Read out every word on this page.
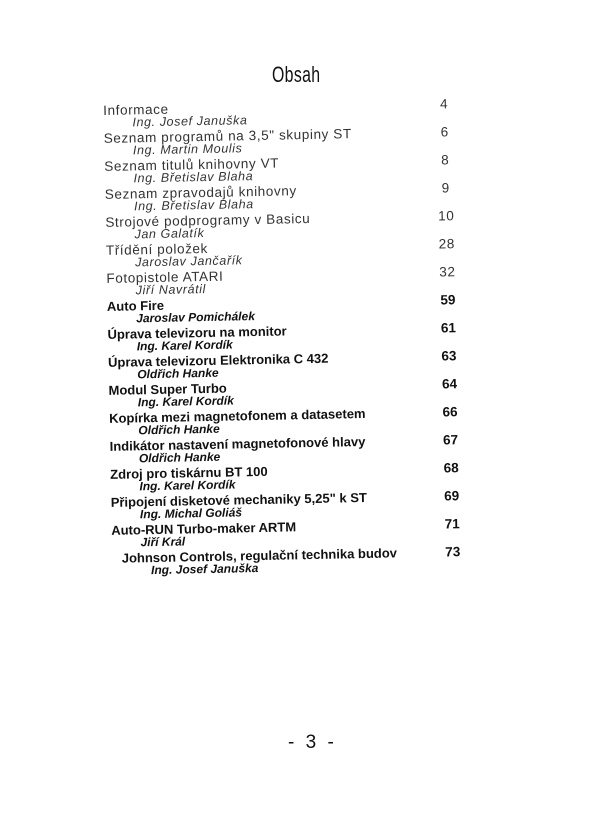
Obsah
Informace
Ing. Josef Januška
4
Seznam programů na 3,5" skupiny ST
Ing. Martin Moulis
6
Seznam titulů knihovny VT
Ing. Břetislav Blaha
8
Seznam zpravodajů knihovny
Ing. Břetislav Blaha
9
Strojové podprogramy v Basicu
Jan Galatík
10
Třídění položek
Jaroslav Jančařík
28
Fotopistole ATARI
Jiří Navrátil
32
Auto Fire
Jaroslav Pomichálek
59
Úprava televizoru na monitor
Ing. Karel Kordík
61
Úprava televizoru Elektronika C 432
Oldřich Hanke
63
Modul Super Turbo
Ing. Karel Kordík
64
Kopírka mezi magnetofonem a datasetem
Oldřich Hanke
66
Indikátor nastavení magnetofonové hlavy
Oldřich Hanke
67
Zdroj pro tiskárnu BT 100
Ing. Karel Kordík
68
Připojení disketové mechaniky 5,25" k ST
Ing. Michal Goliáš
69
Auto-RUN Turbo-maker ARTM
Jiří Král
71
Johnson Controls, regulační technika budov
Ing. Josef Januška
73
- 3 -
